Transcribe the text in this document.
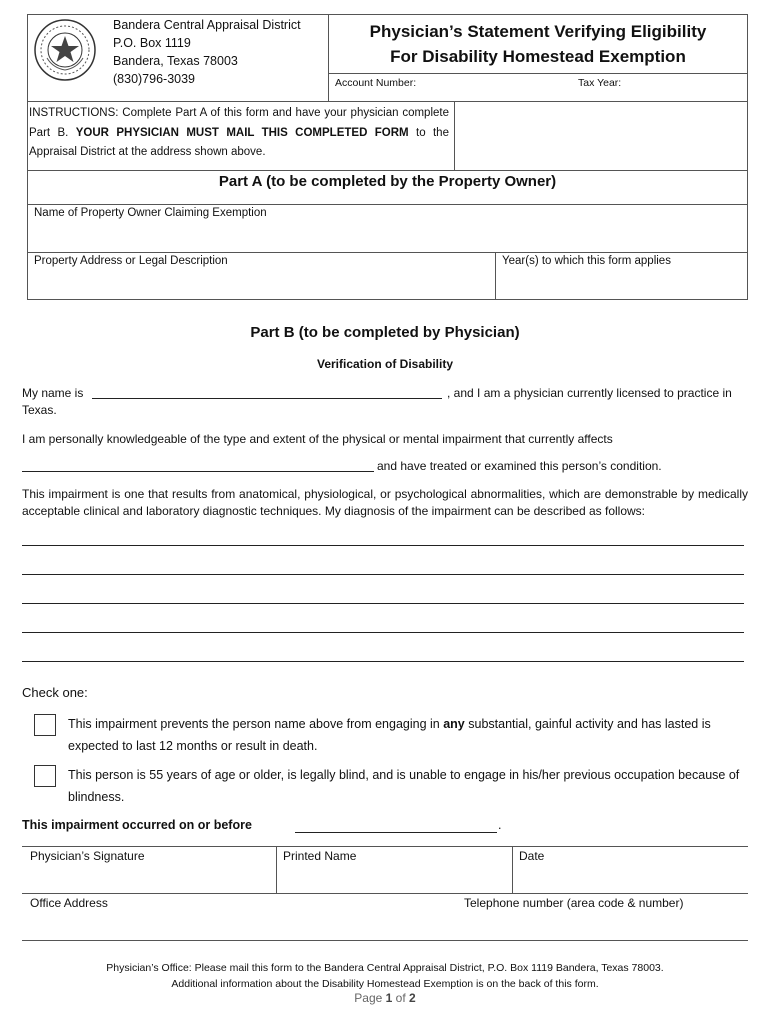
Bandera Central Appraisal District
P.O. Box 1119
Bandera, Texas 78003
(830)796-3039
Physician’s Statement Verifying Eligibility
For Disability Homestead Exemption
Account Number:	Tax Year:
INSTRUCTIONS: Complete Part A of this form and have your physician complete Part B. YOUR PHYSICIAN MUST MAIL THIS COMPLETED FORM to the Appraisal District at the address shown above.
Part A (to be completed by the Property Owner)
Name of Property Owner Claiming Exemption
Property Address or Legal Description	Year(s) to which this form applies
Part B (to be completed by Physician)
Verification of Disability
My name is	, and I am a physician currently licensed to practice in
Texas.
I am personally knowledgeable of the type and extent of the physical or mental impairment that currently affects
and have treated or examined this person’s condition.
This impairment is one that results from anatomical, physiological, or psychological abnormalities, which are demonstrable by medically acceptable clinical and laboratory diagnostic techniques. My diagnosis of the impairment can be described as follows:
Check one:
This impairment prevents the person name above from engaging in any substantial, gainful activity and has lasted is expected to last 12 months or result in death.
This person is 55 years of age or older, is legally blind, and is unable to engage in his/her previous occupation because of blindness.
This impairment occurred on or before	.
Physician’s Signature	Printed Name	Date
Office Address	Telephone number (area code & number)
Physician’s Office: Please mail this form to the Bandera Central Appraisal District, P.O. Box 1119 Bandera, Texas 78003.
Additional information about the Disability Homestead Exemption is on the back of this form.
Page 1 of 2
